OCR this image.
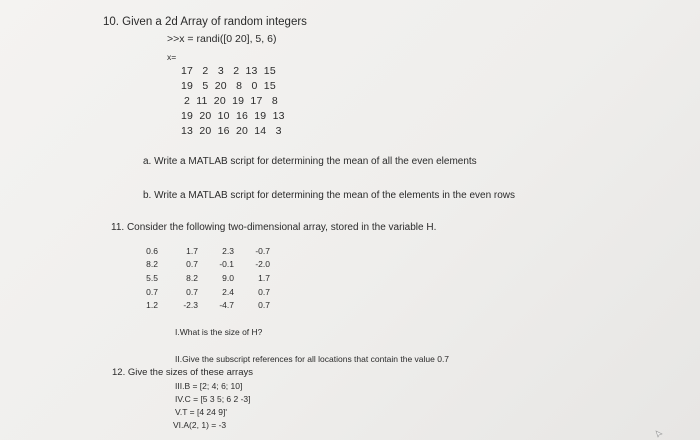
10. Given a 2d Array of random integers
>>x = randi([0 20], 5, 6)
x=
17   2   3   2  13  15
19   5  20   8   0  15
2  11  20  19  17   8
19  20  10  16  19  13
13  20  16  20  14   3
a. Write a MATLAB script for determining the mean of all the even elements
b. Write a MATLAB script for determining the mean of the elements in the even rows
11. Consider the following two-dimensional array, stored in the variable H.
0.6	1.7	2.3	-0.7
8.2	0.7	-0.1	-2.0
5.5	8.2	9.0	1.7
0.7	0.7	2.4	0.7
1.2	-2.3	-4.7	0.7
I.What is the size of H?
II.Give the subscript references for all locations that contain the value 0.7
12. Give the sizes of these arrays
III.B = [2; 4; 6; 10]
IV.C = [5 3 5; 6 2 -3]
V.T = [4 24 9]'
VI.A(2, 1) = -3
